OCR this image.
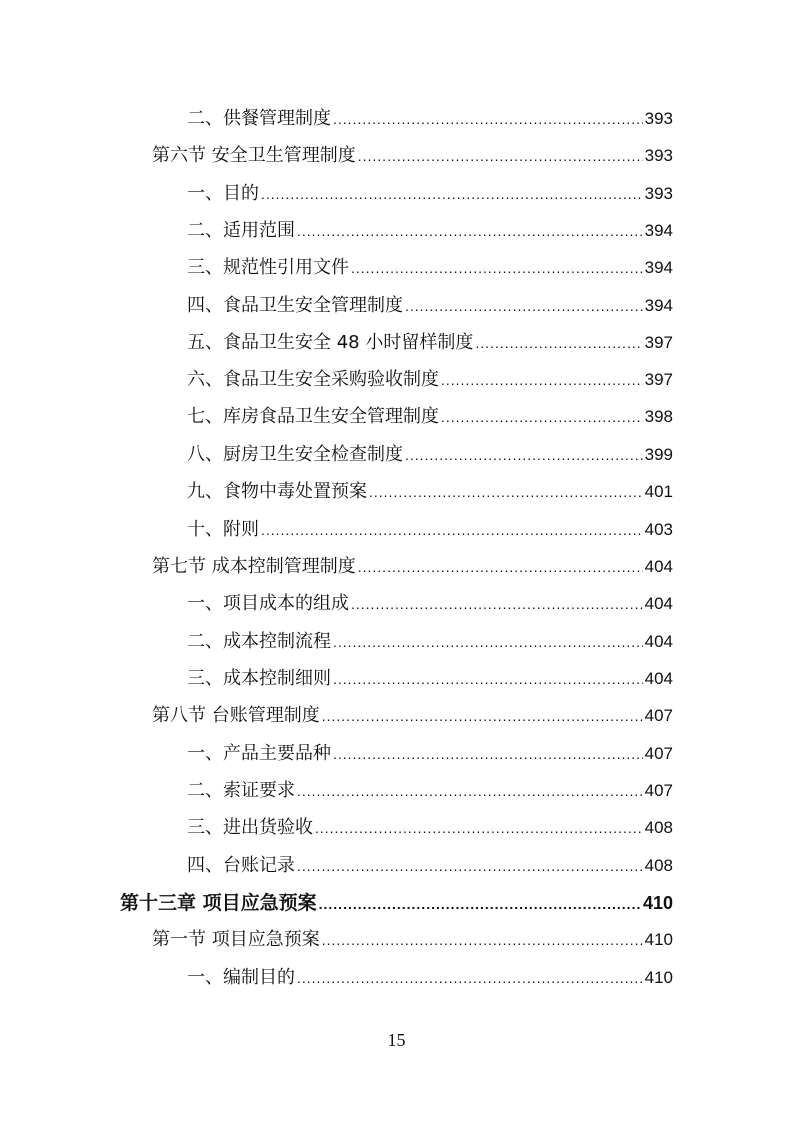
二、供餐管理制度 .....	393
第六节 安全卫生管理制度 .....	393
一、目的 .....	393
二、适用范围 .....	394
三、规范性引用文件 .....	394
四、食品卫生安全管理制度 .....	394
五、食品卫生安全 48 小时留样制度 .....	397
六、食品卫生安全采购验收制度 .....	397
七、库房食品卫生安全管理制度 .....	398
八、厨房卫生安全检查制度 .....	399
九、食物中毒处置预案 .....	401
十、附则 .....	403
第七节 成本控制管理制度 .....	404
一、项目成本的组成 .....	404
二、成本控制流程 .....	404
三、成本控制细则 .....	404
第八节 台账管理制度 .....	407
一、产品主要品种 .....	407
二、索证要求 .....	407
三、进出货验收 .....	408
四、台账记录 .....	408
第十三章 项目应急预案 .....	410
第一节 项目应急预案 .....	410
一、编制目的 .....	410
15
